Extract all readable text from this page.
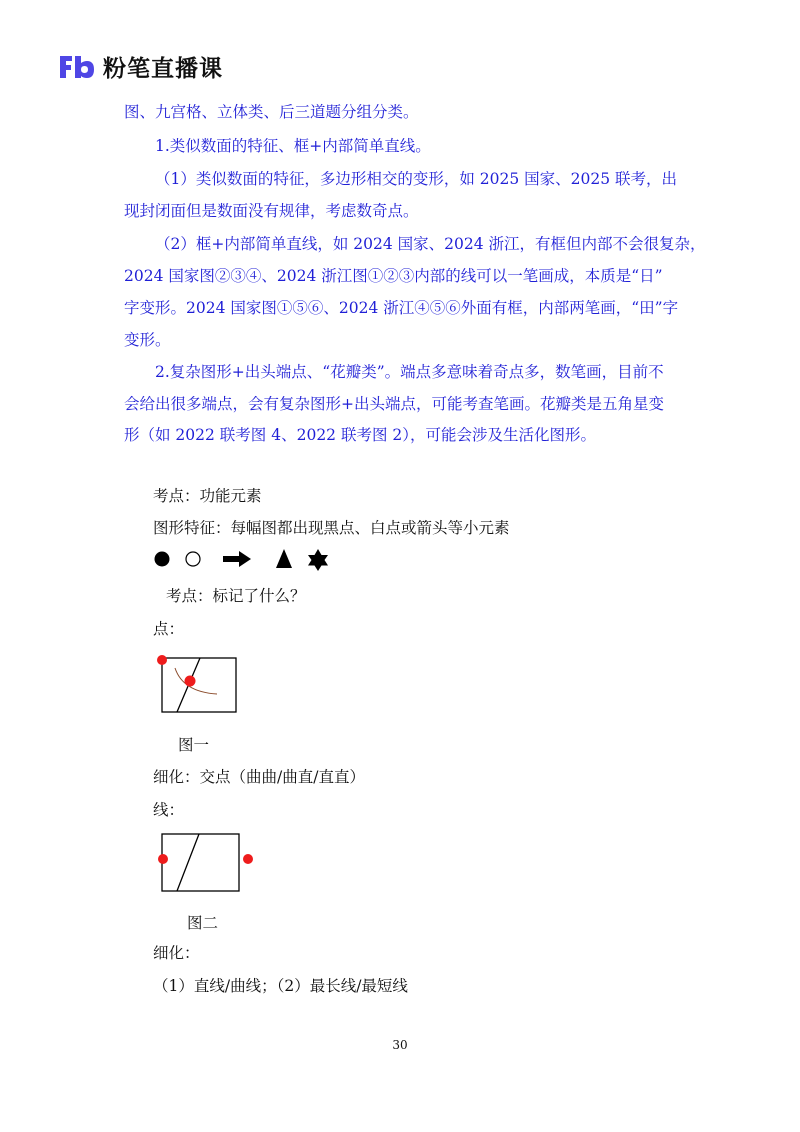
粉笔直播课
图、九宫格、立体类、后三道题分组分类。
1.类似数面的特征、框+内部简单直线。
（1）类似数面的特征，多边形相交的变形，如 2025 国家、2025 联考，出
现封闭面但是数面没有规律，考虑数奇点。
（2）框+内部简单直线，如 2024 国家、2024 浙江，有框但内部不会很复杂，
2024 国家图②③④、2024 浙江图①②③内部的线可以一笔画成，本质是“日”
字变形。2024 国家图①⑤⑥、2024 浙江④⑤⑥外面有框，内部两笔画，“田”字
变形。
2.复杂图形+出头端点、“花瓣类”。端点多意味着奇点多，数笔画，目前不
会给出很多端点，会有复杂图形+出头端点，可能考查笔画。花瓣类是五角星变
形（如 2022 联考图 4、2022 联考图 2），可能会涉及生活化图形。
考点：功能元素
图形特征：每幅图都出现黑点、白点或箭头等小元素
考点：标记了什么？
点：
图一
细化：交点（曲曲/曲直/直直）
线：
图二
细化：
（1）直线/曲线；（2）最长线/最短线
30
